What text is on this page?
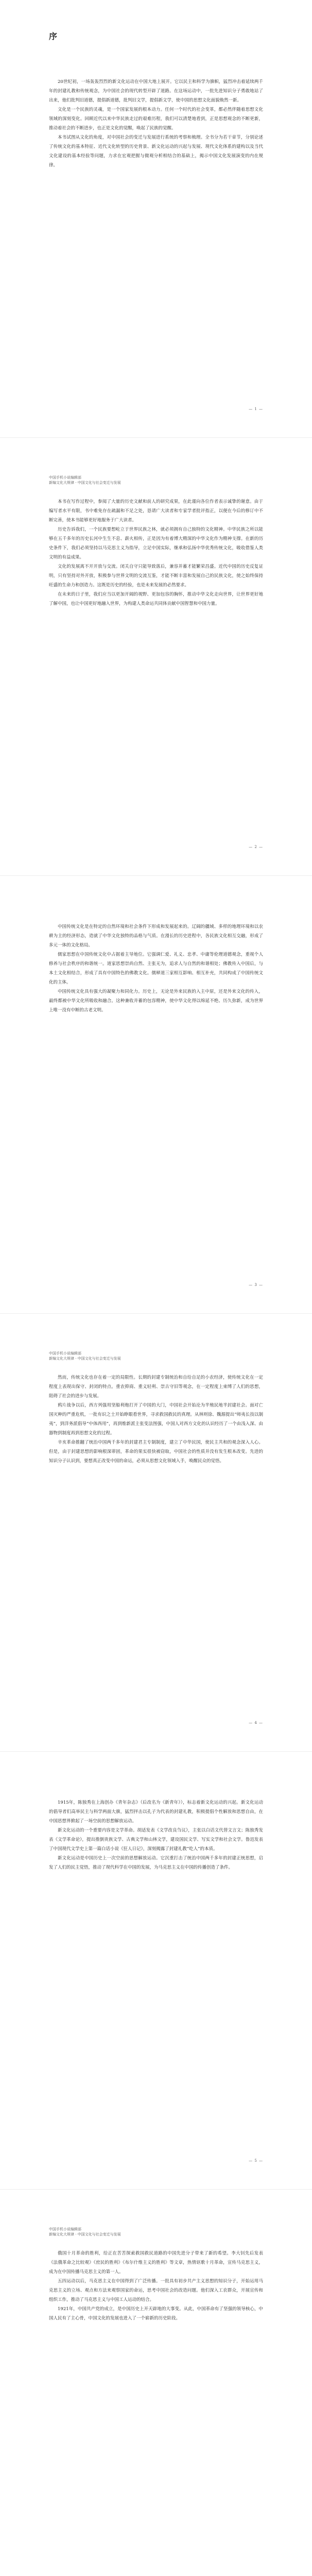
序

20世纪初，一场轰轰烈烈的新文化运动在中国大地上展开。它以民主和科学为旗帜，猛烈冲击着延续两千年的封建礼教和传统观念，为中国社会的现代转型开辟了道路。在这场运动中，一批先进知识分子勇敢地站了出来，他们批判旧道德，提倡新道德，批判旧文学，提倡新文学，使中国的思想文化面貌焕然一新。

文化是一个民族的灵魂，是一个国家发展的根本动力。任何一个时代的社会变革，都必然伴随着思想文化领域的深刻变化。回顾近代以来中华民族走过的艰难历程，我们可以清楚地看到，正是思想观念的不断更新，推动着社会的不断进步，也正是文化的觉醒，唤起了民族的觉醒。

本书试图从文化的角度，对中国社会的变迁与发展进行系统的考察和梳理。全书分为若干章节，分别论述了传统文化的基本特征、近代文化转型的历史背景、新文化运动的兴起与发展、现代文化体系的建构以及当代文化建设的基本经验等问题，力求在宏观把握与微观分析相结合的基础上，揭示中国文化发展演变的内在规律。

— 1 —
中国手机小说编辑部
新编文化大规律 · 中国文化与社会变迁与发展

本书在写作过程中，参阅了大量的历史文献和前人的研究成果，在此谨向各位作者表示诚挚的谢意。由于编写者水平有限，书中难免存在疏漏和不足之处，恳请广大读者和专家学者批评指正，以便在今后的修订中不断完善，使本书能够更好地服务于广大读者。

历史告诉我们，一个民族要想屹立于世界民族之林，就必须拥有自己独特的文化精神。中华民族之所以能够在五千多年的历史长河中生生不息、薪火相传，正是因为有着博大精深的中华文化作为精神支撑。在新的历史条件下，我们必须坚持以马克思主义为指导，立足中国实际，继承和弘扬中华优秀传统文化，吸收借鉴人类文明的有益成果。

文化的发展离不开开放与交流。闭关自守只能导致落后，兼容并蓄才能繁荣昌盛。近代中国的历史反复证明，只有坚持对外开放，积极参与世界文明的交流互鉴，才能不断丰富和发展自己的民族文化，使之始终保持旺盛的生命力和创造力。这既是历史的经验，也是未来发展的必然要求。

在未来的日子里，我们应当以更加开阔的视野、更加包容的胸怀，推动中华文化走向世界，让世界更好地了解中国，也让中国更好地融入世界，为构建人类命运共同体贡献中国智慧和中国力量。

— 2 —

中国传统文化是在特定的自然环境和社会条件下形成和发展起来的。辽阔的疆域、多样的地理环境和以农耕为主的经济形态，造就了中华文化独特的品格与气质。在漫长的历史进程中，各民族文化相互交融，形成了多元一体的文化格局。

儒家思想在中国传统文化中占据着主导地位。它强调仁爱、礼义、忠孝、中庸等伦理道德观念，重视个人修养与社会秩序的和谐统一。道家思想崇尚自然、主张无为，追求人与自然的和谐相处；佛教传入中国后，与本土文化相结合，形成了具有中国特色的佛教文化。儒释道三家相互影响、相互补充，共同构成了中国传统文化的主体。

中国传统文化具有强大的凝聚力和同化力。历史上，无论是外来民族的入主中原，还是外来文化的传入，最终都被中华文化所吸收和融合。这种兼收并蓄的包容精神，使中华文化得以绵延不绝、历久弥新，成为世界上唯一没有中断的古老文明。

— 3 —
中国手机小说编辑部
新编文化大规律 · 中国文化与社会变迁与发展

然而，传统文化也存在着一定的局限性。长期的封建专制统治和自给自足的小农经济，使传统文化在一定程度上表现出保守、封闭的特点。重农抑商、重义轻利、崇古守旧等观念，在一定程度上束缚了人们的思想，阻碍了社会的进步与发展。

鸦片战争以后，西方列强用坚船利炮打开了中国的大门，中国社会开始沦为半殖民地半封建社会。面对亡国灭种的严重危机，一批有识之士开始睁眼看世界，寻求救国救民的真理。从林则徐、魏源提出“师夷长技以制夷”，到洋务派倡导“中体西用”，再到维新派主张变法图强，中国人对西方文化的认识经历了一个由浅入深、由器物到制度再到思想文化的过程。

辛亥革命推翻了统治中国两千多年的封建君主专制制度，建立了中华民国，使民主共和的观念深入人心。但是，由于封建思想的影响根深蒂固，革命的果实很快被窃取，中国社会的性质并没有发生根本改变。先进的知识分子认识到，要想真正改变中国的命运，必须从思想文化领域入手，唤醒民众的觉悟。

— 4 —

1915年，陈独秀在上海创办《青年杂志》（后改名为《新青年》），标志着新文化运动的兴起。新文化运动的倡导者们高举民主与科学两面大旗，猛烈抨击以孔子为代表的封建礼教，积极提倡个性解放和思想自由，在中国思想界掀起了一场空前的思想解放运动。

新文化运动的一个重要内容是文学革命。胡适发表《文学改良刍议》，主张以白话文代替文言文；陈独秀发表《文学革命论》，提出推倒贵族文学、古典文学和山林文学，建设国民文学、写实文学和社会文学。鲁迅发表了中国现代文学史上第一篇白话小说《狂人日记》，深刻揭露了封建礼教“吃人”的本质。

新文化运动是中国历史上一次空前的思想解放运动。它沉重打击了统治中国两千多年的封建正统思想，启发了人们的民主觉悟，推动了现代科学在中国的发展，为马克思主义在中国的传播创造了条件。

— 5 —
中国手机小说编辑部
新编文化大规律 · 中国文化与社会变迁与发展

俄国十月革命的胜利，给正在苦苦探索救国救民道路的中国先进分子带来了新的希望。李大钊先后发表《法俄革命之比较观》《庶民的胜利》《布尔什维主义的胜利》等文章，热情讴歌十月革命，宣传马克思主义，成为在中国传播马克思主义的第一人。

五四运动以后，马克思主义在中国得到了广泛传播。一批具有初步共产主义思想的知识分子，开始运用马克思主义的立场、观点和方法来观察国家的命运，思考中国社会的改造问题。他们深入工农群众，开展宣传和组织工作，推动了马克思主义与中国工人运动的结合。

1921年，中国共产党的成立，是中国历史上开天辟地的大事变。从此，中国革命有了坚强的领导核心，中国人民有了主心骨，中国文化的发展也进入了一个崭新的历史阶段。
